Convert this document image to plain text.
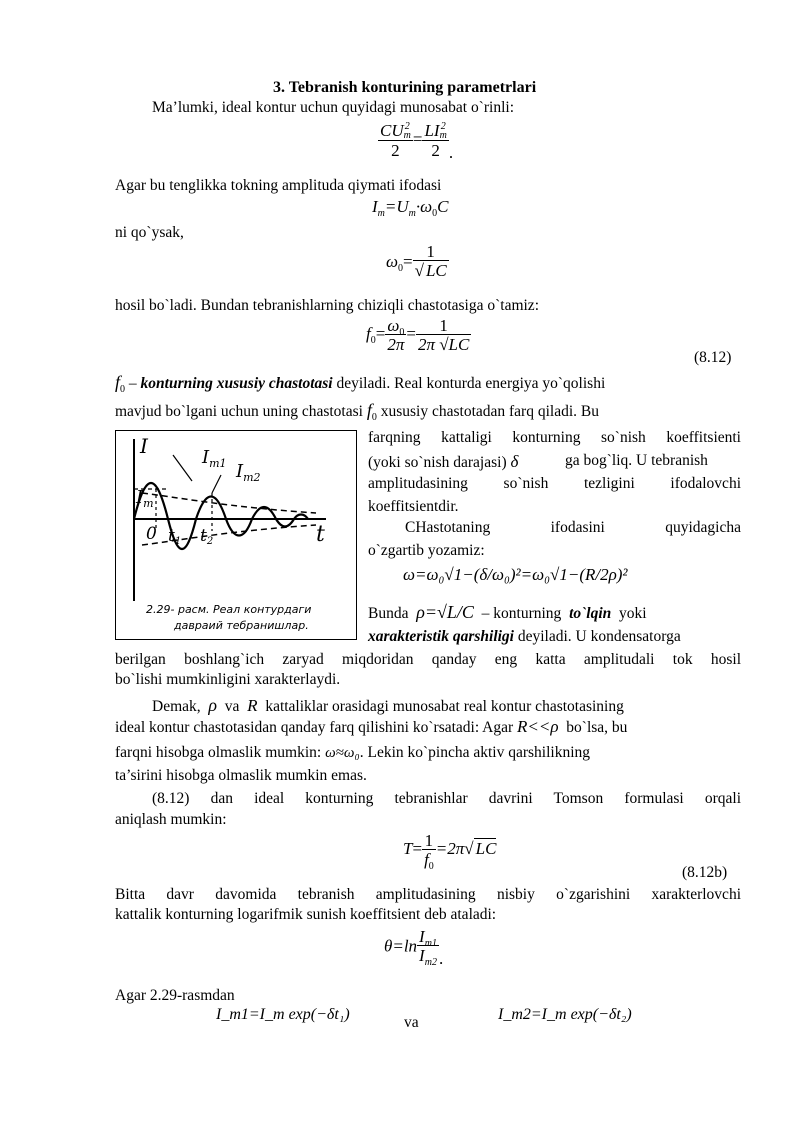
3. Tebranish konturining parametrlari
Ma’lumki, ideal kontur uchun quyidagi munosabat o`rinli:
CU 2
m
2 = LI 2
m
2 .
Agar bu tenglikka tokning amplituda qiymati ifodasi
$I_m=U_m\cdot\omega_0C$
ni qo`ysak,
$\omega_0= \frac{1}{√ LC}$
hosil bo`ladi. Bundan tebranishlarning chiziqli chastotasiga o`tamiz:
$f_0= \frac{\omega_0}{2\pi} = \frac{1}{2\pi √LC}$
(8.12)
$f_0$ – konturning xususiy chastotasi deyiladi. Real konturda energiya yo`qolishi
mavjud bo`lgani uchun uning chastotasi $f_0$ xususiy chastotadan farq qiladi. Bu
I
t
$I_{m1}$ $I_{m2}$
$I_m$
0 t1 t2
2.29- расм. Реал контурдаги
давраий тебранишлар.
farqning kattaligi konturning so`nish koeffitsienti
(yoki so`nish darajasi) δ	ga bog`liq. U tebranish
amplitudasining so`nish tezligini ifodalovchi
koeffitsientdir.
CHastotaning ifodasini quyidagicha
o`zgartib yozamiz:
ω=ω₀√1−(δ/ω₀)²=ω₀√1−(R/2ρ)²
Bunda ρ=√L/C – konturning to`lqin yoki
xarakteristik qarshiligi deyiladi. U kondensatorga
berilgan boshlang`ich zaryad miqdoridan qanday eng katta amplitudali tok hosil
bo`lishi mumkinligini xarakterlaydi.
Demak, ρ va R kattaliklar orasidagi munosabat real kontur chastotasining
ideal kontur chastotasidan qanday farq qilishini ko`rsatadi: Agar R<<ρ bo`lsa, bu
farqni hisobga olmaslik mumkin: ω≈ω₀. Lekin ko`pincha aktiv qarshilikning
ta’sirini hisobga olmaslik mumkin emas.
(8.12) dan ideal konturning tebranishlar davrini Tomson formulasi orqali
aniqlash mumkin:
$T= \frac{1}{f_0} =2\pi√$ LC
(8.12b)
Bitta davr davomida tebranish amplitudasining nisbiy o`zgarishini xarakterlovchi
kattalik konturning logarifmik sunish koeffitsient deb ataladi:
$\theta=\ln \frac{I_{m1}}{I_{m2}}$ .
Agar 2.29-rasmdan
I_m1=I_m exp(−δt₁)	va	I_m2=I_m exp(−δt₂)
